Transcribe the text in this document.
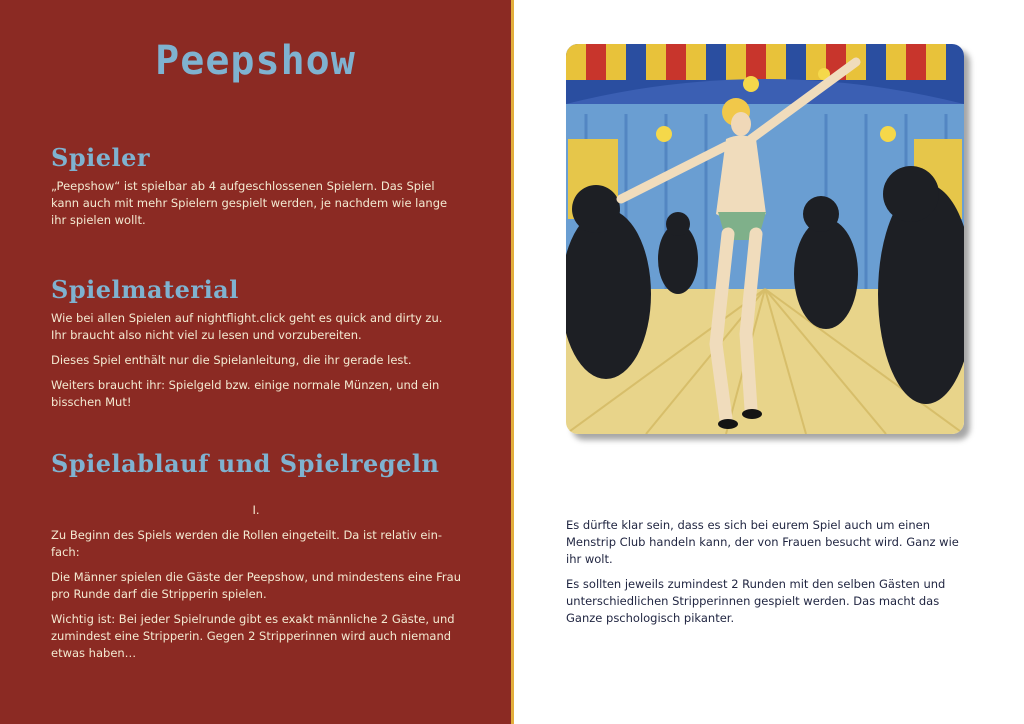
Peepshow
Spieler

„Peepshow“ ist spielbar ab 4 aufgeschlossenen Spielern. Das Spiel kann auch mit mehr Spielern gespielt werden, je nachdem wie lange ihr spielen wollt.

Spielmaterial

Wie bei allen Spielen auf nightflight.click geht es quick and dirty zu. Ihr braucht also nicht viel zu lesen und vorzubereiten.

Dieses Spiel enthält nur die Spielanleitung, die ihr gerade lest.

Weiters braucht ihr: Spielgeld bzw. einige normale Münzen, und ein bisschen Mut!

Spielablauf und Spielregeln
I.

Zu Beginn des Spiels werden die Rollen eingeteilt. Da ist relativ ein-fach:

Die Männer spielen die Gäste der Peepshow, und mindestens eine Frau pro Runde darf die Stripperin spielen.

Wichtig ist: Bei jeder Spielrunde gibt es exakt männliche 2 Gäste, und zumindest eine Stripperin. Gegen 2 Stripperinnen wird auch niemand etwas haben…

Es dürfte klar sein, dass es sich bei eurem Spiel auch um einen Menstrip Club handeln kann, der von Frauen besucht wird. Ganz wie ihr wolt.

Es sollten jeweils zumindest 2 Runden mit den selben Gästen und unterschiedlichen Stripperinnen gespielt werden. Das macht das Ganze pschologisch pikanter.
